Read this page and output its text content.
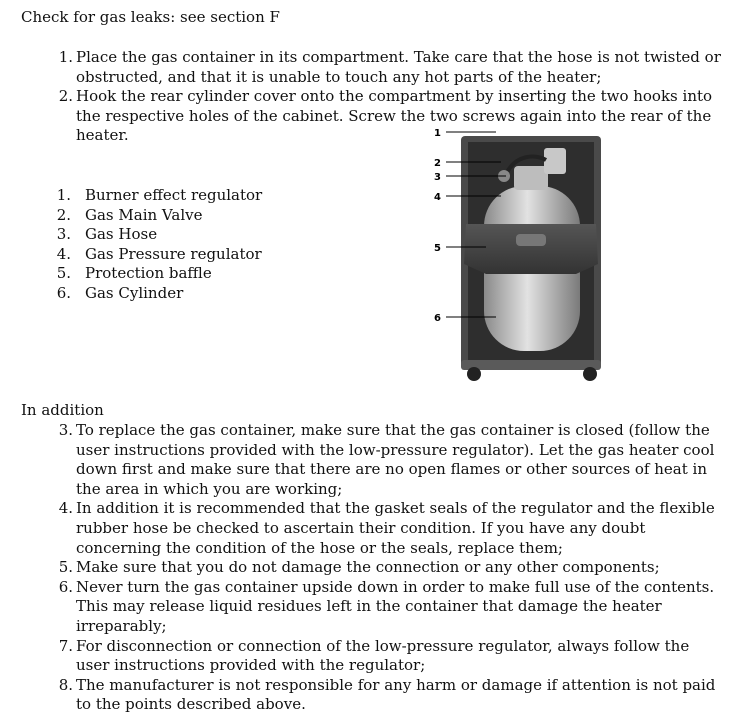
Check for gas leaks: see section F
1. Place the gas container in its compartment. Take care that the hose is not twisted or obstructed, and that it is unable to touch any hot parts of the heater;
2. Hook the rear cylinder cover onto the compartment by inserting the two hooks into the respective holes of the cabinet. Screw the two screws again into the rear of the heater.
1. Burner effect regulator
2. Gas Main Valve
3. Gas Hose
4. Gas Pressure regulator
5. Protection baffle
6. Gas Cylinder
1
2
3
4
5
6
In addition
3. To replace the gas container, make sure that the gas container is closed (follow the user instructions provided with the low-pressure regulator). Let the gas heater cool down first and make sure that there are no open flames or other sources of heat in the area in which you are working;
4. In addition it is recommended that the gasket seals of the regulator and the flexible rubber hose be checked to ascertain their condition. If you have any doubt concerning the condition of the hose or the seals, replace them;
5. Make sure that you do not damage the connection or any other components;
6. Never turn the gas container upside down in order to make full use of the contents. This may release liquid residues left in the container that damage the heater irreparably;
7. For disconnection or connection of the low-pressure regulator, always follow the user instructions provided with the regulator;
8. The manufacturer is not responsible for any harm or damage if attention is not paid to the points described above.
